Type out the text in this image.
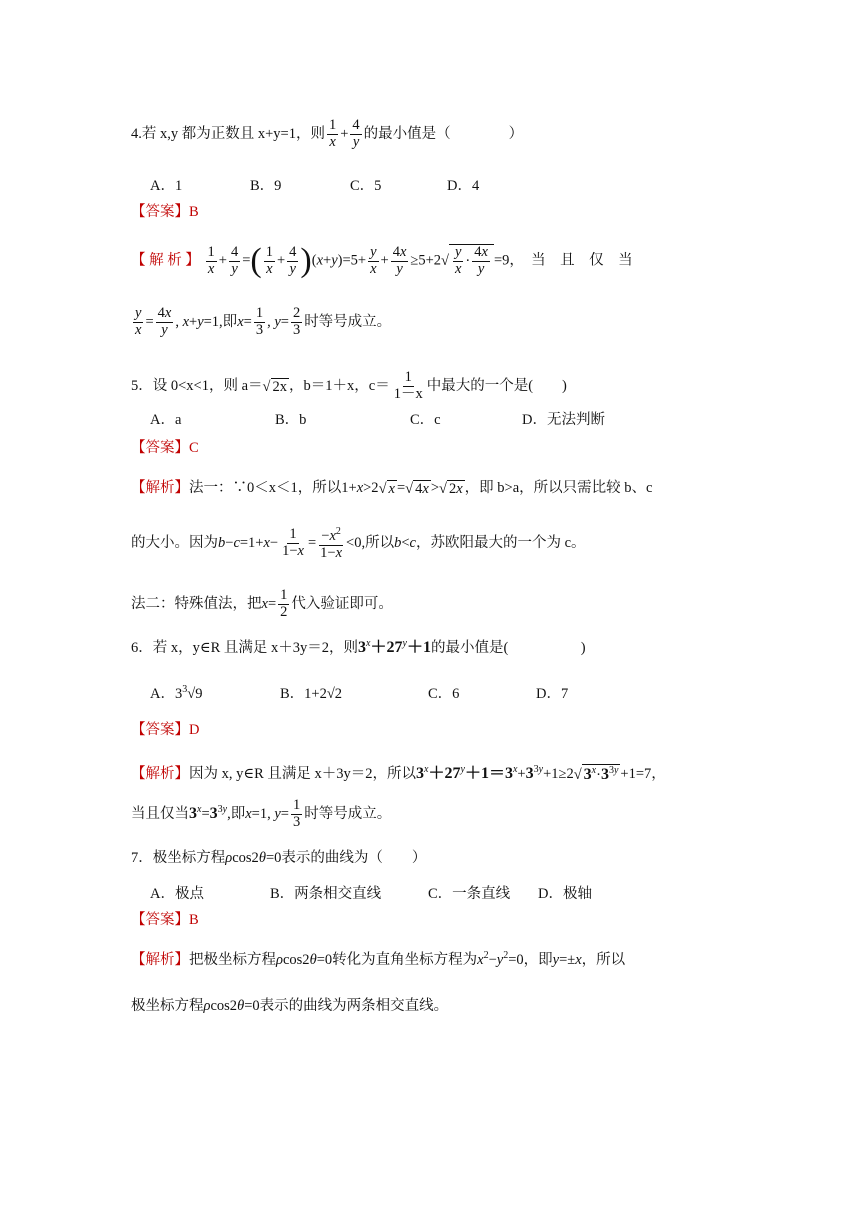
4.若 x,y 都为正数且 x+y=1，则 $\frac{1}{x} + \frac{4}{y}$ 的最小值是（　　　　）
A．1	B．9	C．5	D．4
【答案】B
【 解 析 】 $\frac{1}{x} + \frac{4}{y}$ =( $\frac{1}{x} + \frac{4}{y} )(x+y)=5+ \frac{y}{x} + \frac{4x}{y} \ge 5+2√ \frac{y}{x} \cdot \frac{4x}{y} =9$，　当　且　仅　当
$\frac{y}{x} = \frac{4x}{y}$ , x+y=1,即$x= \frac{1}{3}$ , $y= \frac{2}{3}$ 时等号成立。
5．设 0<x<1，则 a＝√ 2x ，b＝1＋x，$c= \frac{1}{1-x}$ 中最大的一个是(　　)
A．a	B．b	C．c	D．无法判断
【答案】C
【解析】法一：∵0＜x＜1，所以1+x>2√ x =√ 4x >√ 2x ，即 b>a，所以只需比较 b、c
的大小。因为$b-c=1+x- \frac{1}{1-x} = \frac{-x^2}{1-x} <0$,所以b<c，苏欧阳最大的一个为 c。
法二：特殊值法，把$x= \frac{1}{2}$ 代入验证即可。
6．若 x，y∈R 且满足 x＋3y＝2，则$3^x+27^y+1$的最小值是(　　　　　)
A．$3^3√9$	B．1+2√2	C．6	D．7
【答案】D
【解析】因为 x, y∈R 且满足 x＋3y＝2，所以$3^x+27^y+1=3^x+3^{3y}+1\ge 2√$ $3^x\cdot 3^{3y} +1=7$，
当且仅当$3^x=3^{3y}$,即x=1, $y= \frac{1}{3}$ 时等号成立。
7．极坐标方程ρcos2θ=0表示的曲线为（　　）
A．极点	B．两条相交直线	C．一条直线 D．极轴
【答案】B
【解析】把极坐标方程ρcos2θ=0转化为直角坐标方程为$x^2-y^2=0$，即y=±x，所以
极坐标方程ρcos2θ=0表示的曲线为两条相交直线。
